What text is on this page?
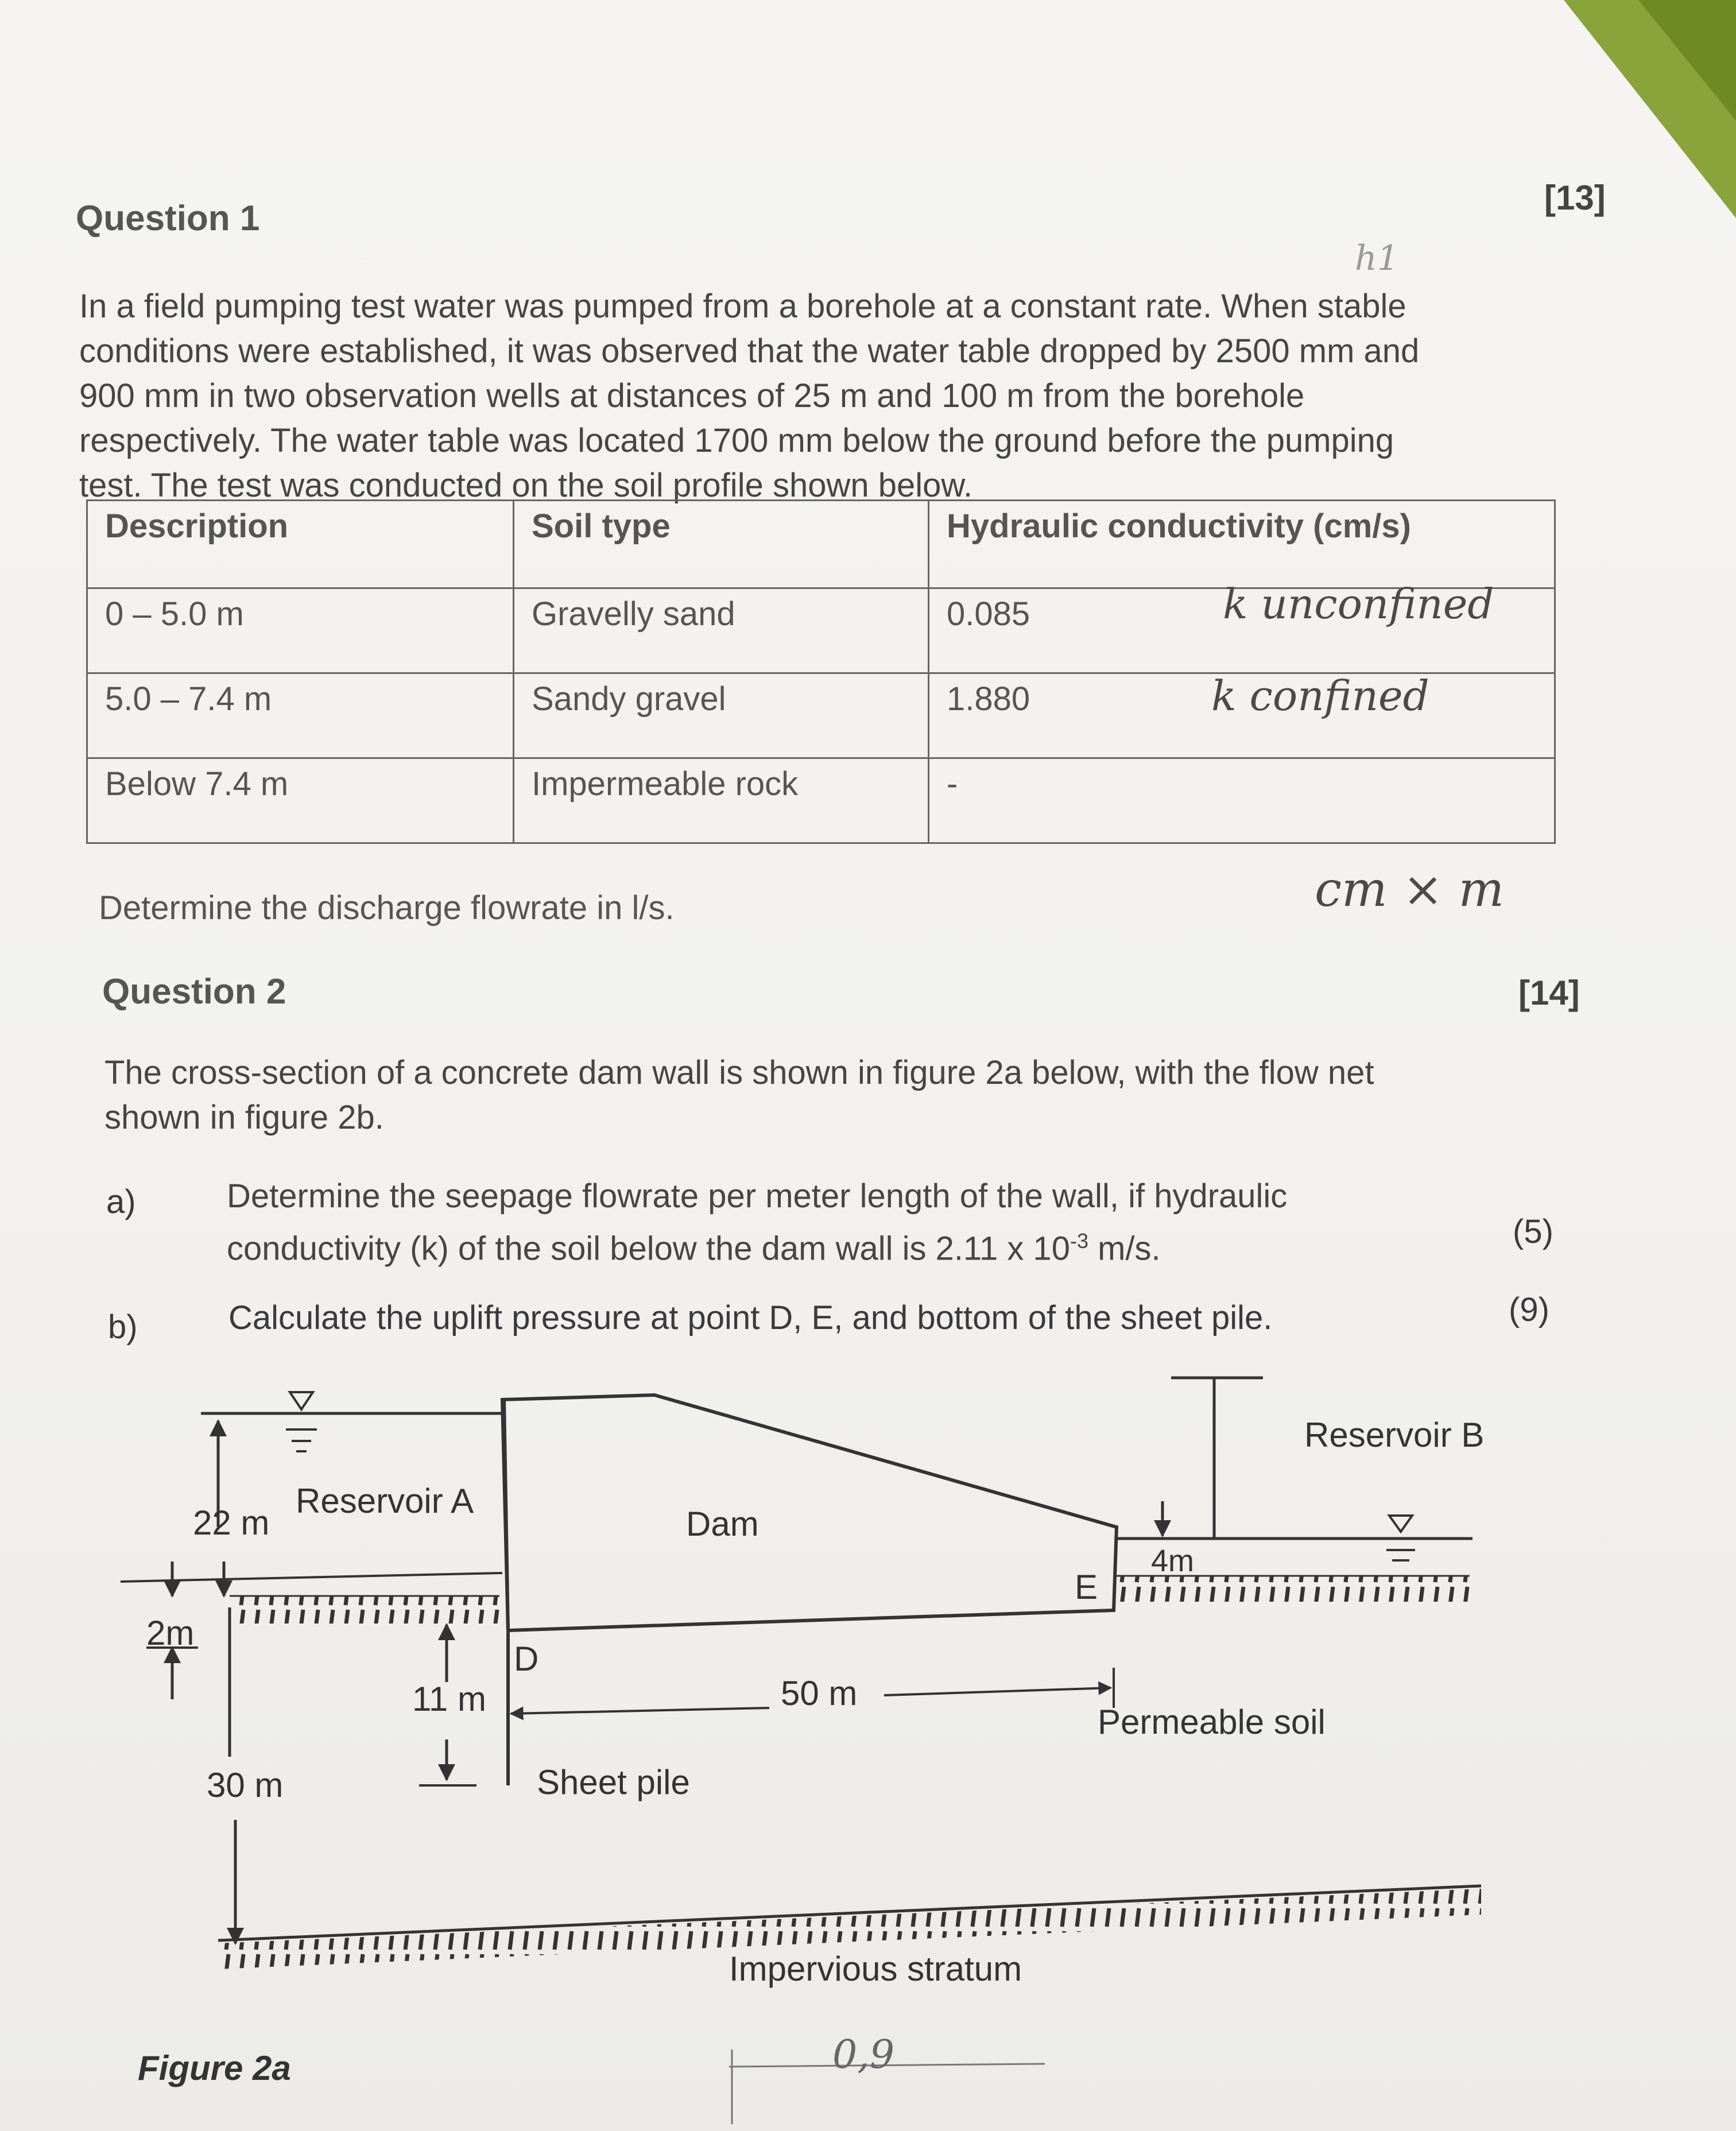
Question 1
[13]
In a field pumping test water was pumped from a borehole at a constant rate. When stable
conditions were established, it was observed that the water table dropped by 2500 mm and
900 mm in two observation wells at distances of 25 m and 100 m from the borehole
respectively. The water table was located 1700 mm below the ground before the pumping
test. The test was conducted on the soil profile shown below.
Description	Soil type	Hydraulic conductivity (cm/s)
0 – 5.0 m	Gravelly sand	0.085
5.0 – 7.4 m	Sandy gravel	1.880
Below 7.4 m	Impermeable rock	-
k unconfined
k confined
cm × m
h1
Determine the discharge flowrate in l/s.
Question 2	[14]
The cross-section of a concrete dam wall is shown in figure 2a below, with the flow net
shown in figure 2b.
a)	Determine the seepage flowrate per meter length of the wall, if hydraulic
conductivity (k) of the soil below the dam wall is 2.11 x $10^{-3}$ m/s.	(5)
b)	Calculate the uplift pressure at point D, E, and bottom of the sheet pile.	(9)
Reservoir A
Reservoir B
Dam
22 m
2m
11 m
30 m
50 m
4m
D
E
Sheet pile
Permeable soil
Impervious stratum
Figure 2a	0,9
